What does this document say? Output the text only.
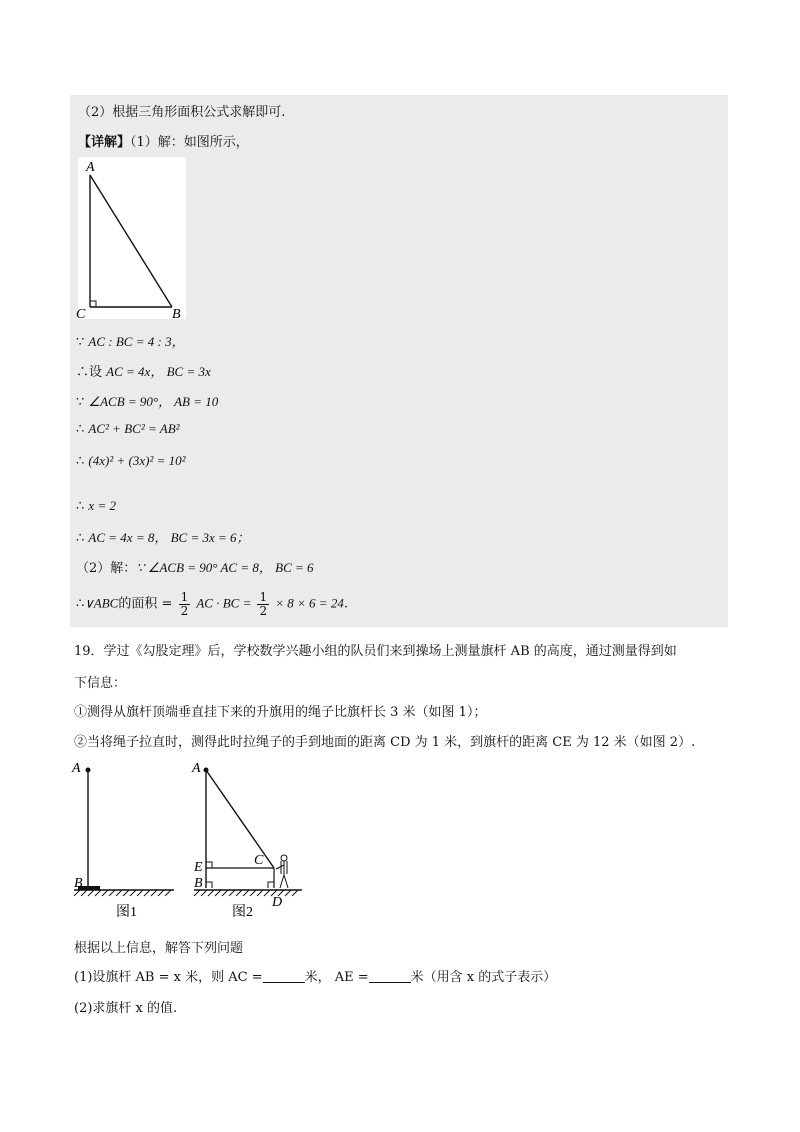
（2）根据三角形面积公式求解即可.
【详解】（1）解：如图所示，
A
C	B
∵ AC : BC = 4 : 3，
∴设 AC = 4x， BC = 3x
∵ ∠ACB = 90°， AB = 10
∴ AC² + BC² = AB²
∴ (4x)² + (3x)² = 10²
∴ x = 2
∴ AC = 4x = 8， BC = 3x = 6；
（2）解：∵ ∠ACB = 90° AC = 8， BC = 6
∴∨ABC的面积 = $\frac{1}{2}$ AC · BC = $\frac{1}{2} \times 8 \times 6 = 24$.
19．学过《勾股定理》后，学校数学兴趣小组的队员们来到操场上测量旗杆 AB 的高度，通过测量得到如
下信息：
①测得从旗杆顶端垂直挂下来的升旗用的绳子比旗杆长 3 米（如图 1）；
②当将绳子拉直时，测得此时拉绳子的手到地面的距离 CD 为 1 米，到旗杆的距离 CE 为 12 米（如图 2）.
A
B
图1
A
E
B
C
D
图2
根据以上信息，解答下列问题
(1)设旗杆 AB = x 米，则 AC =	米， AE =	米（用含 x 的式子表示）
(2)求旗杆 x 的值.
